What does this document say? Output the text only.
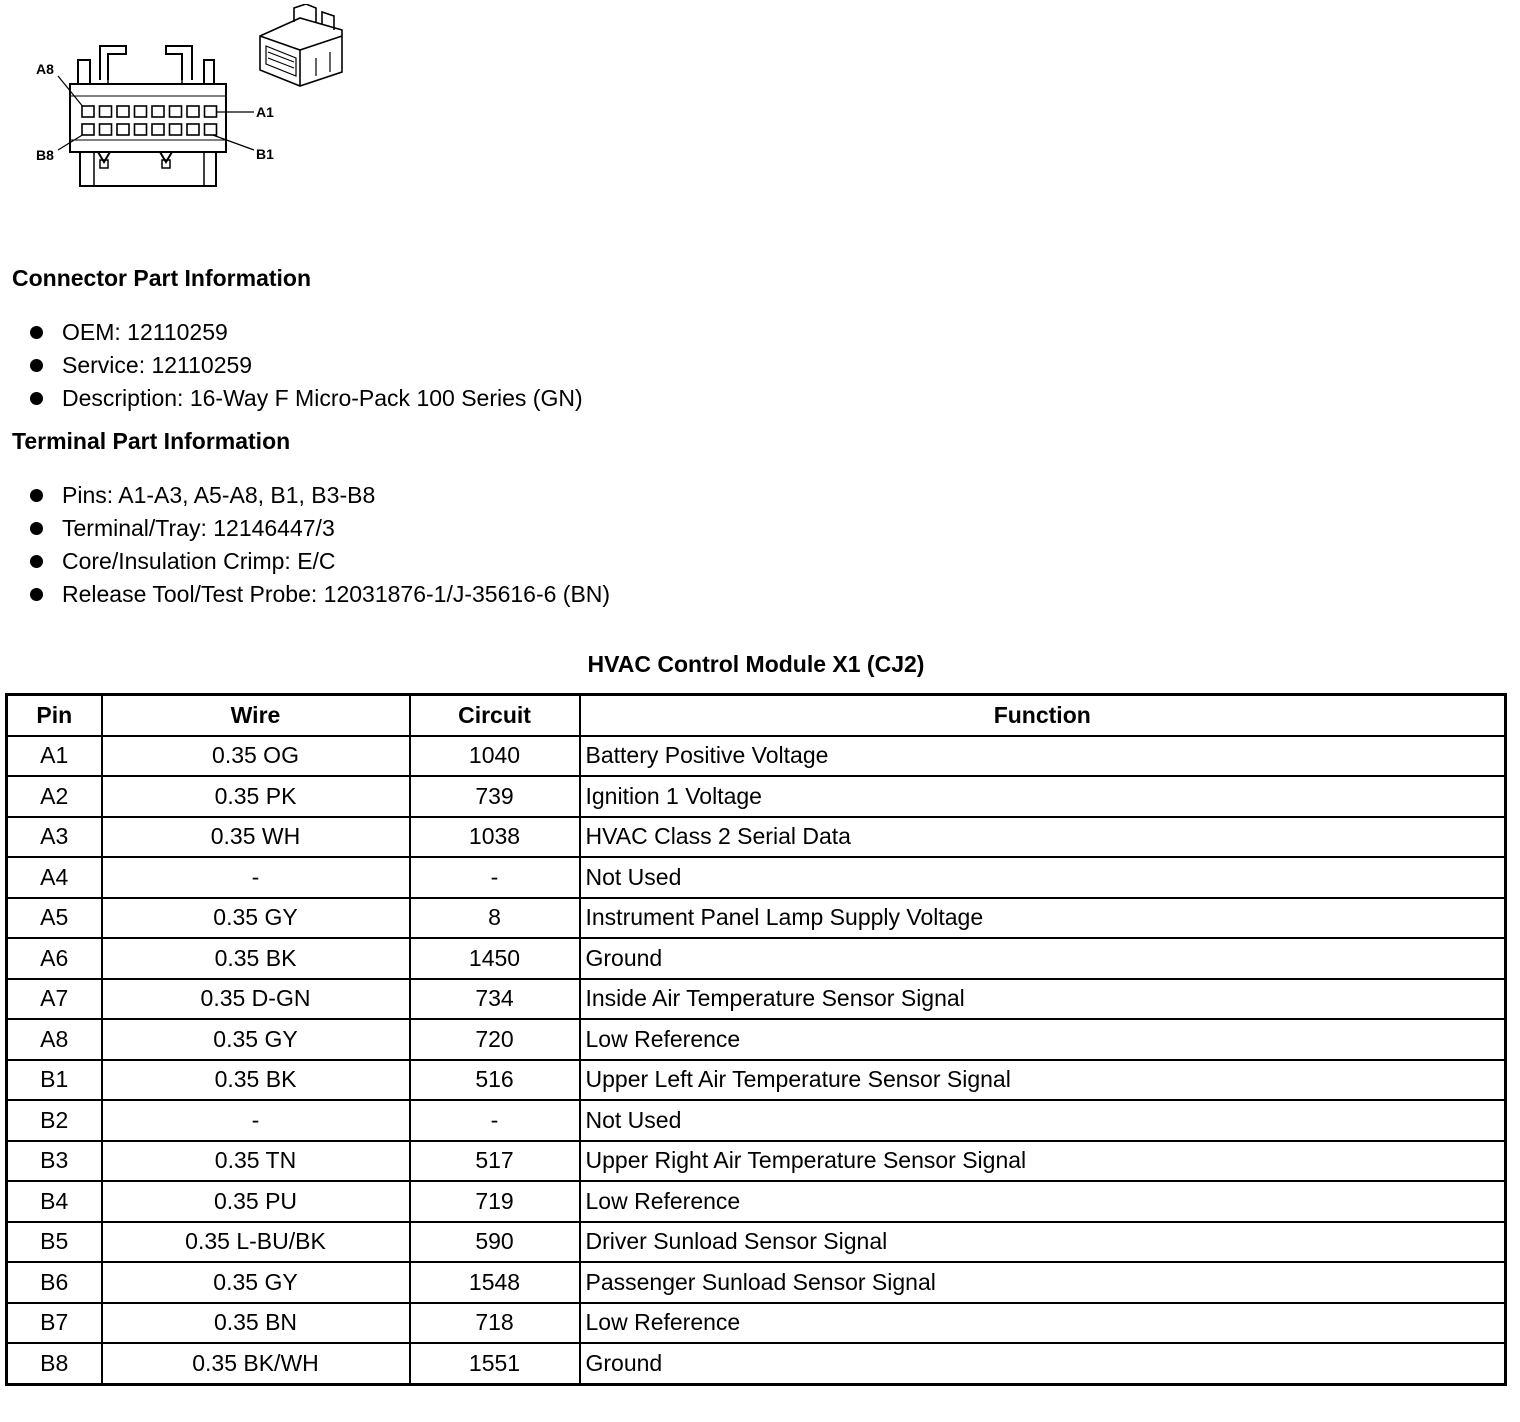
A8
A1
B8	B1
Connector Part Information
OEM: 12110259
Service: 12110259
Description: 16-Way F Micro-Pack 100 Series (GN)
Terminal Part Information
Pins: A1-A3, A5-A8, B1, B3-B8
Terminal/Tray: 12146447/3
Core/Insulation Crimp: E/C
Release Tool/Test Probe: 12031876-1/J-35616-6 (BN)
HVAC Control Module X1 (CJ2)
Pin	Wire	Circuit	Function
A1	0.35 OG	1040	Battery Positive Voltage
A2	0.35 PK	739	Ignition 1 Voltage
A3	0.35 WH	1038	HVAC Class 2 Serial Data
A4	-	-	Not Used
A5	0.35 GY	8	Instrument Panel Lamp Supply Voltage
A6	0.35 BK	1450	Ground
A7	0.35 D-GN	734	Inside Air Temperature Sensor Signal
A8	0.35 GY	720	Low Reference
B1	0.35 BK	516	Upper Left Air Temperature Sensor Signal
B2	-	-	Not Used
B3	0.35 TN	517	Upper Right Air Temperature Sensor Signal
B4	0.35 PU	719	Low Reference
B5	0.35 L-BU/BK	590	Driver Sunload Sensor Signal
B6	0.35 GY	1548	Passenger Sunload Sensor Signal
B7	0.35 BN	718	Low Reference
B8	0.35 BK/WH	1551	Ground
